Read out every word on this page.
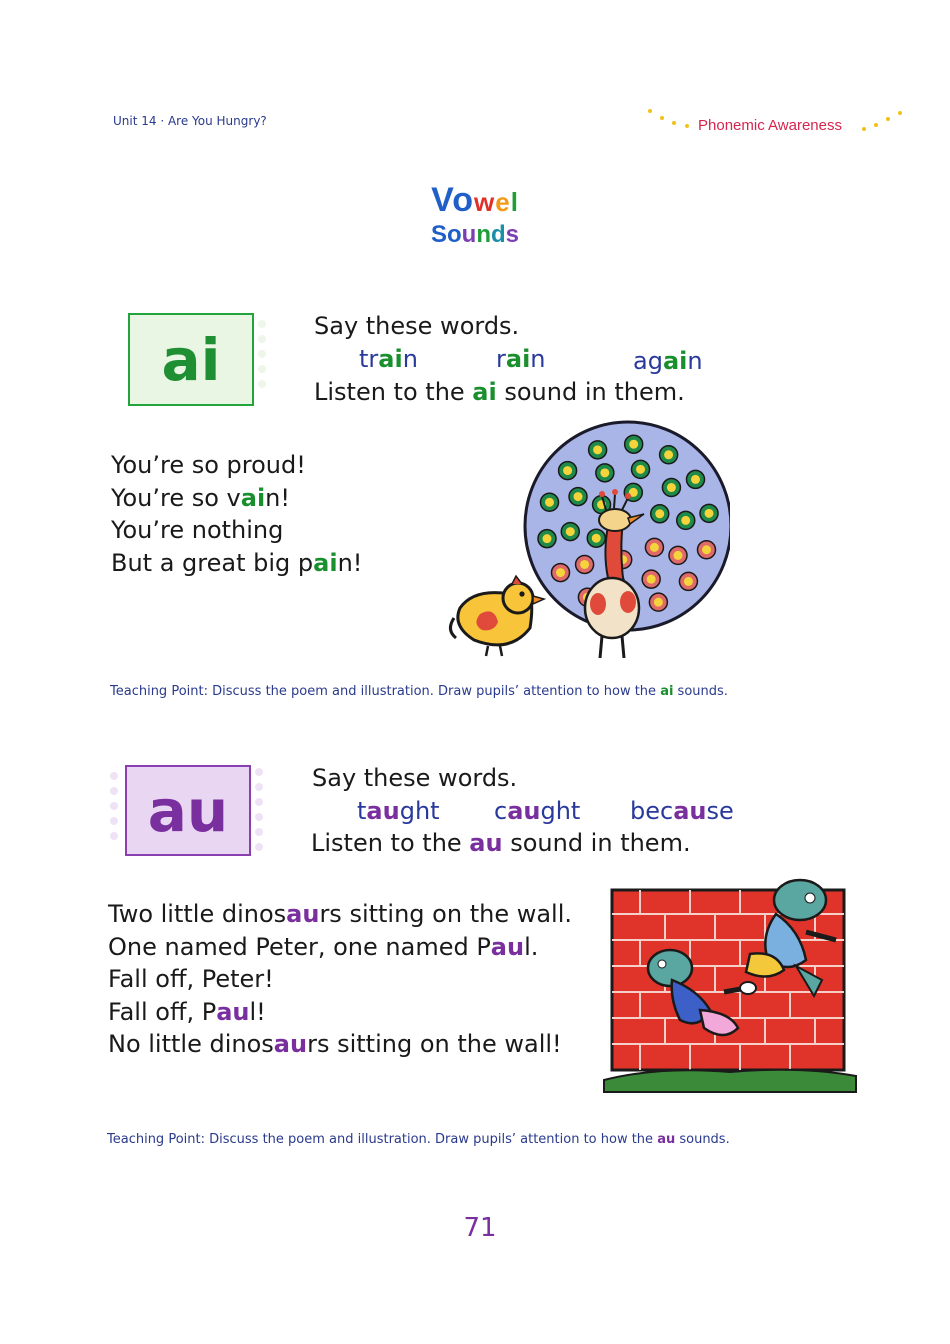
Unit 14 · Are You Hungry?	Phonemic Awareness
Vowel
Sounds
ai	Say these words.
train	rain	again
Listen to the ai sound in them.
You’re so proud!
You’re so vain!
You’re nothing
But a great big pain!
Teaching Point: Discuss the poem and illustration. Draw pupils’ attention to how the ai sounds.
au	Say these words.
taught caught because
Listen to the au sound in them.
Two little dinosaurs sitting on the wall.
One named Peter, one named Paul.
Fall off, Peter!
Fall off, Paul!
No little dinosaurs sitting on the wall!
Teaching Point: Discuss the poem and illustration. Draw pupils’ attention to how the au sounds.
71
